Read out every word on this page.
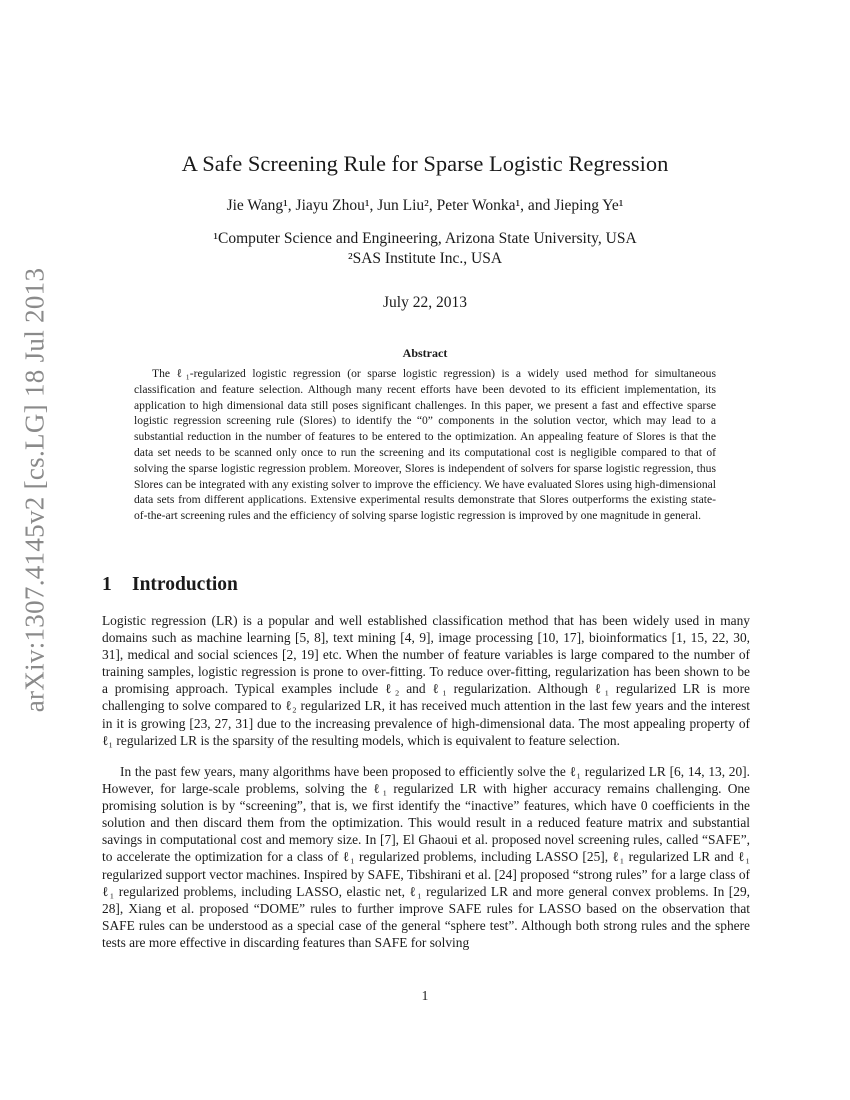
arXiv:1307.4145v2 [cs.LG] 18 Jul 2013
A Safe Screening Rule for Sparse Logistic Regression
Jie Wang¹, Jiayu Zhou¹, Jun Liu², Peter Wonka¹, and Jieping Ye¹
¹Computer Science and Engineering, Arizona State University, USA
²SAS Institute Inc., USA
July 22, 2013
Abstract
The ℓ₁-regularized logistic regression (or sparse logistic regression) is a widely used method for simultaneous classification and feature selection. Although many recent efforts have been devoted to its efficient implementation, its application to high dimensional data still poses significant challenges. In this paper, we present a fast and effective sparse logistic regression screening rule (Slores) to identify the “0” components in the solution vector, which may lead to a substantial reduction in the number of features to be entered to the optimization. An appealing feature of Slores is that the data set needs to be scanned only once to run the screening and its computational cost is negligible compared to that of solving the sparse logistic regression problem. Moreover, Slores is independent of solvers for sparse logistic regression, thus Slores can be integrated with any existing solver to improve the efficiency. We have evaluated Slores using high-dimensional data sets from different applications. Extensive experimental results demonstrate that Slores outperforms the existing state-of-the-art screening rules and the efficiency of solving sparse logistic regression is improved by one magnitude in general.
1 Introduction
Logistic regression (LR) is a popular and well established classification method that has been widely used in many domains such as machine learning [5, 8], text mining [4, 9], image processing [10, 17], bioinformatics [1, 15, 22, 30, 31], medical and social sciences [2, 19] etc. When the number of feature variables is large compared to the number of training samples, logistic regression is prone to over-fitting. To reduce over-fitting, regularization has been shown to be a promising approach. Typical examples include ℓ₂ and ℓ₁ regularization. Although ℓ₁ regularized LR is more challenging to solve compared to ℓ₂ regularized LR, it has received much attention in the last few years and the interest in it is growing [23, 27, 31] due to the increasing prevalence of high-dimensional data. The most appealing property of ℓ₁ regularized LR is the sparsity of the resulting models, which is equivalent to feature selection.
In the past few years, many algorithms have been proposed to efficiently solve the ℓ₁ regularized LR [6, 14, 13, 20]. However, for large-scale problems, solving the ℓ₁ regularized LR with higher accuracy remains challenging. One promising solution is by “screening”, that is, we first identify the “inactive” features, which have 0 coefficients in the solution and then discard them from the optimization. This would result in a reduced feature matrix and substantial savings in computational cost and memory size. In [7], El Ghaoui et al. proposed novel screening rules, called “SAFE”, to accelerate the optimization for a class of ℓ₁ regularized problems, including LASSO [25], ℓ₁ regularized LR and ℓ₁ regularized support vector machines. Inspired by SAFE, Tibshirani et al. [24] proposed “strong rules” for a large class of ℓ₁ regularized problems, including LASSO, elastic net, ℓ₁ regularized LR and more general convex problems. In [29, 28], Xiang et al. proposed “DOME” rules to further improve SAFE rules for LASSO based on the observation that SAFE rules can be understood as a special case of the general “sphere test”. Although both strong rules and the sphere tests are more effective in discarding features than SAFE for solving
1
